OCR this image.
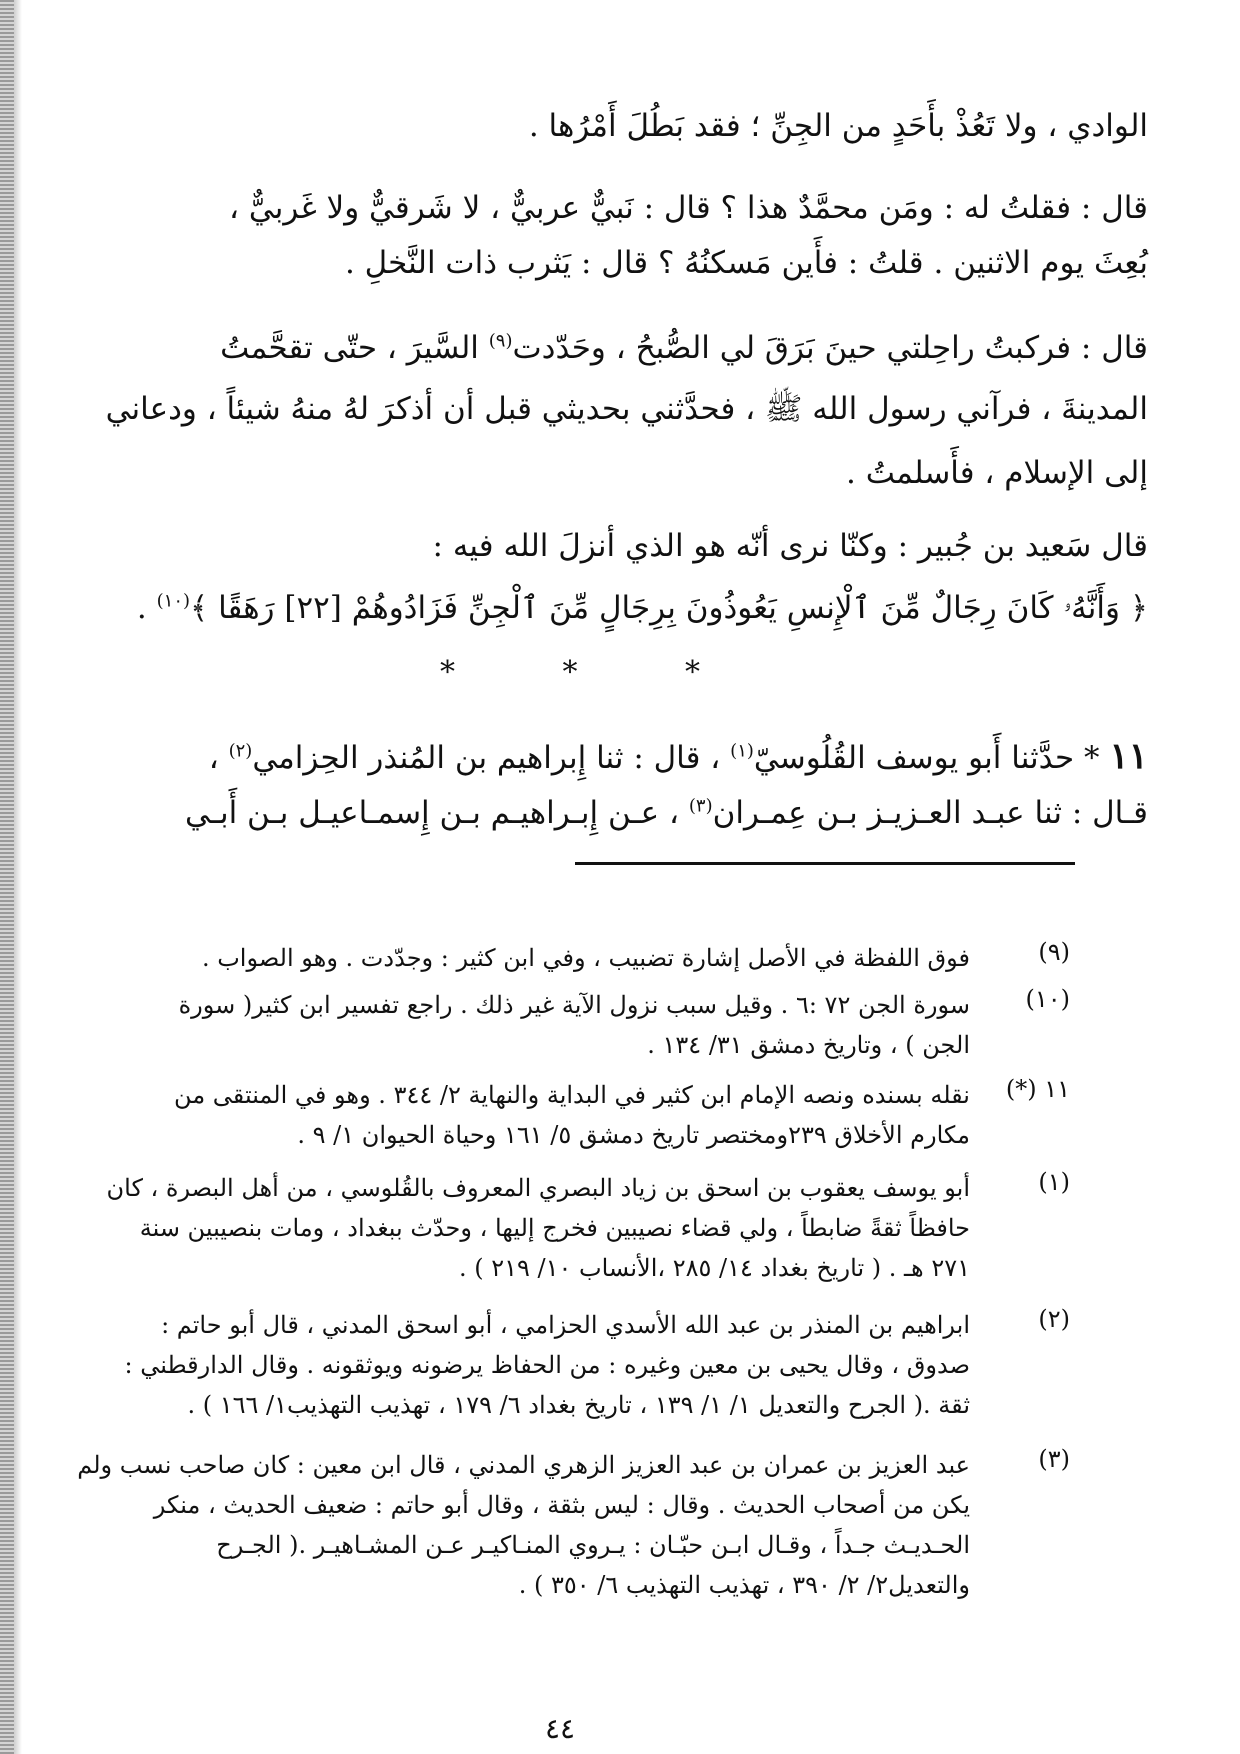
الوادي ، ولا تَعُذْ بأَحَدٍ من الجِنِّ ؛ فقد بَطُلَ أَمْرُها .
قال : فقلتُ له : ومَن محمَّدٌ هذا ؟ قال : نَبيٌّ عربيٌّ ، لا شَرقيٌّ ولا غَربيٌّ ،
بُعِثَ يوم الاثنين . قلتُ : فأَين مَسكنُهُ ؟ قال : يَثرب ذات النَّخلِ .
قال : فركبتُ راحِلتي حينَ بَرَقَ لي الصُّبحُ ، وحَدّدت$^{(٩)}$ السَّيرَ ، حتّى تقحَّمتُ
المدينةَ ، فرآني رسول الله ﷺ ، فحدَّثني بحديثي قبل أن أذكرَ لهُ منهُ شيئاً ، ودعاني
إلى الإسلام ، فأَسلمتُ .
قال سَعيد بن جُبير : وكنّا نرى أنّه هو الذي أنزلَ الله فيه :
﴿ وَأَنَّهُۥ كَانَ رِجَالٌ مِّنَ ٱلْإِنسِ يَعُوذُونَ بِرِجَالٍ مِّنَ ٱلْجِنِّ فَزَادُوهُمْ [٢٢] رَهَقًا ﴾$^{(١٠)}$ .
*	*	*
١١ * حدَّثنا أَبو يوسف القُلُوسيّ$^{(١)}$ ، قال : ثنا إِبراهيم بن المُنذر الحِزامي$^{(٢)}$ ،
قـال : ثنا عبـد العـزيـز بـن عِمـران$^{(٣)}$ ، عـن إِبـراهيـم بـن إِسمـاعيـل بـن أَبـي
(٩)
فوق اللفظة في الأصل إشارة تضبيب ، وفي ابن كثير : وجدّدت . وهو الصواب .
(١٠)
سورة الجن ٧٢ :٦ . وقيل سبب نزول الآية غير ذلك . راجع تفسير ابن كثير( سورة
الجن ) ، وتاريخ دمشق ٣١/ ١٣٤ .
١١ (*)
نقله بسنده ونصه الإمام ابن كثير في البداية والنهاية ٢/ ٣٤٤ . وهو في المنتقى من
مكارم الأخلاق ٢٣٩ومختصر تاريخ دمشق ٥/ ١٦١ وحياة الحيوان ١/ ٩ .
(١)
أبو يوسف يعقوب بن اسحق بن زياد البصري المعروف بالقُلوسي ، من أهل البصرة ، كان
حافظاً ثقةً ضابطاً ، ولي قضاء نصيبين فخرج إليها ، وحدّث ببغداد ، ومات بنصيبين سنة
٢٧١ هـ . ( تاريخ بغداد ١٤/ ٢٨٥ ،الأنساب ١٠/ ٢١٩ ) .
(٢)
ابراهيم بن المنذر بن عبد الله الأسدي الحزامي ، أبو اسحق المدني ، قال أبو حاتم :
صدوق ، وقال يحيى بن معين وغيره : من الحفاظ يرضونه ويوثقونه . وقال الدارقطني :
ثقة .( الجرح والتعديل ١/ ١/ ١٣٩ ، تاريخ بغداد ٦/ ١٧٩ ، تهذيب التهذيب١/ ١٦٦ ) .
(٣)
عبد العزيز بن عمران بن عبد العزيز الزهري المدني ، قال ابن معين : كان صاحب نسب ولم
يكن من أصحاب الحديث . وقال : ليس بثقة ، وقال أبو حاتم : ضعيف الحديث ، منكر
الحـديـث جـداً ، وقـال ابـن حبّـان : يـروي المنـاكيـر عـن المشـاهيـر .( الجـرح
والتعديل٢/ ٢/ ٣٩٠ ، تهذيب التهذيب ٦/ ٣٥٠ ) .
٤٤
